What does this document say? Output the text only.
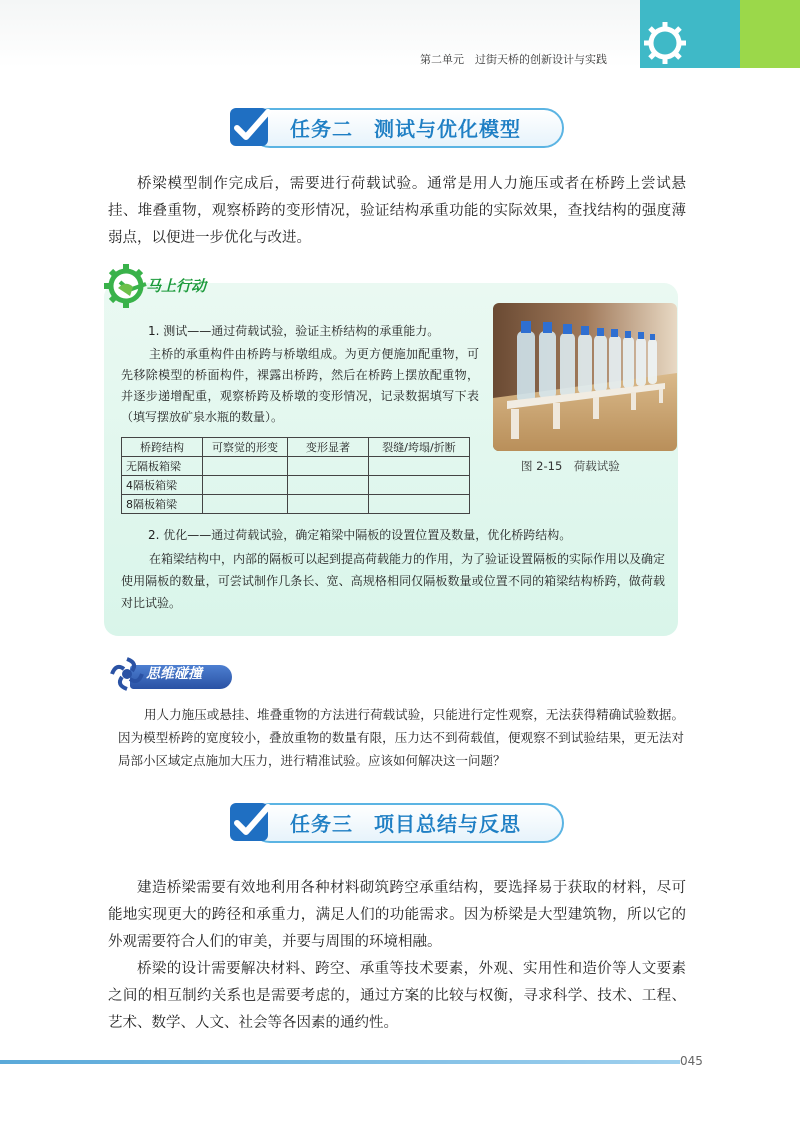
第二单元　过街天桥的创新设计与实践
任务二　测试与优化模型
桥梁模型制作完成后，需要进行荷载试验。通常是用人力施压或者在桥跨上尝试悬挂、堆叠重物，观察桥跨的变形情况，验证结构承重功能的实际效果，查找结构的强度薄弱点，以便进一步优化与改进。
马上行动
1. 测试——通过荷载试验，验证主桥结构的承重能力。
主桥的承重构件由桥跨与桥墩组成。为更方便施加配重物，可先移除模型的桥面构件，裸露出桥跨，然后在桥跨上摆放配重物，并逐步递增配重，观察桥跨及桥墩的变形情况，记录数据填写下表（填写摆放矿泉水瓶的数量）。
桥跨结构	可察觉的形变	变形显著	裂缝/垮塌/折断
无隔板箱梁			
4隔板箱梁			
8隔板箱梁			
图 2-15　荷载试验
2. 优化——通过荷载试验，确定箱梁中隔板的设置位置及数量，优化桥跨结构。
在箱梁结构中，内部的隔板可以起到提高荷载能力的作用，为了验证设置隔板的实际作用以及确定使用隔板的数量，可尝试制作几条长、宽、高规格相同仅隔板数量或位置不同的箱梁结构桥跨，做荷载对比试验。
思维碰撞
用人力施压或悬挂、堆叠重物的方法进行荷载试验，只能进行定性观察，无法获得精确试验数据。因为模型桥跨的宽度较小，叠放重物的数量有限，压力达不到荷载值，便观察不到试验结果，更无法对局部小区域定点施加大压力，进行精准试验。应该如何解决这一问题？
任务三　项目总结与反思
建造桥梁需要有效地利用各种材料砌筑跨空承重结构，要选择易于获取的材料，尽可能地实现更大的跨径和承重力，满足人们的功能需求。因为桥梁是大型建筑物，所以它的外观需要符合人们的审美，并要与周围的环境相融。
桥梁的设计需要解决材料、跨空、承重等技术要素，外观、实用性和造价等人文要素之间的相互制约关系也是需要考虑的，通过方案的比较与权衡，寻求科学、技术、工程、艺术、数学、人文、社会等各因素的通约性。
045
